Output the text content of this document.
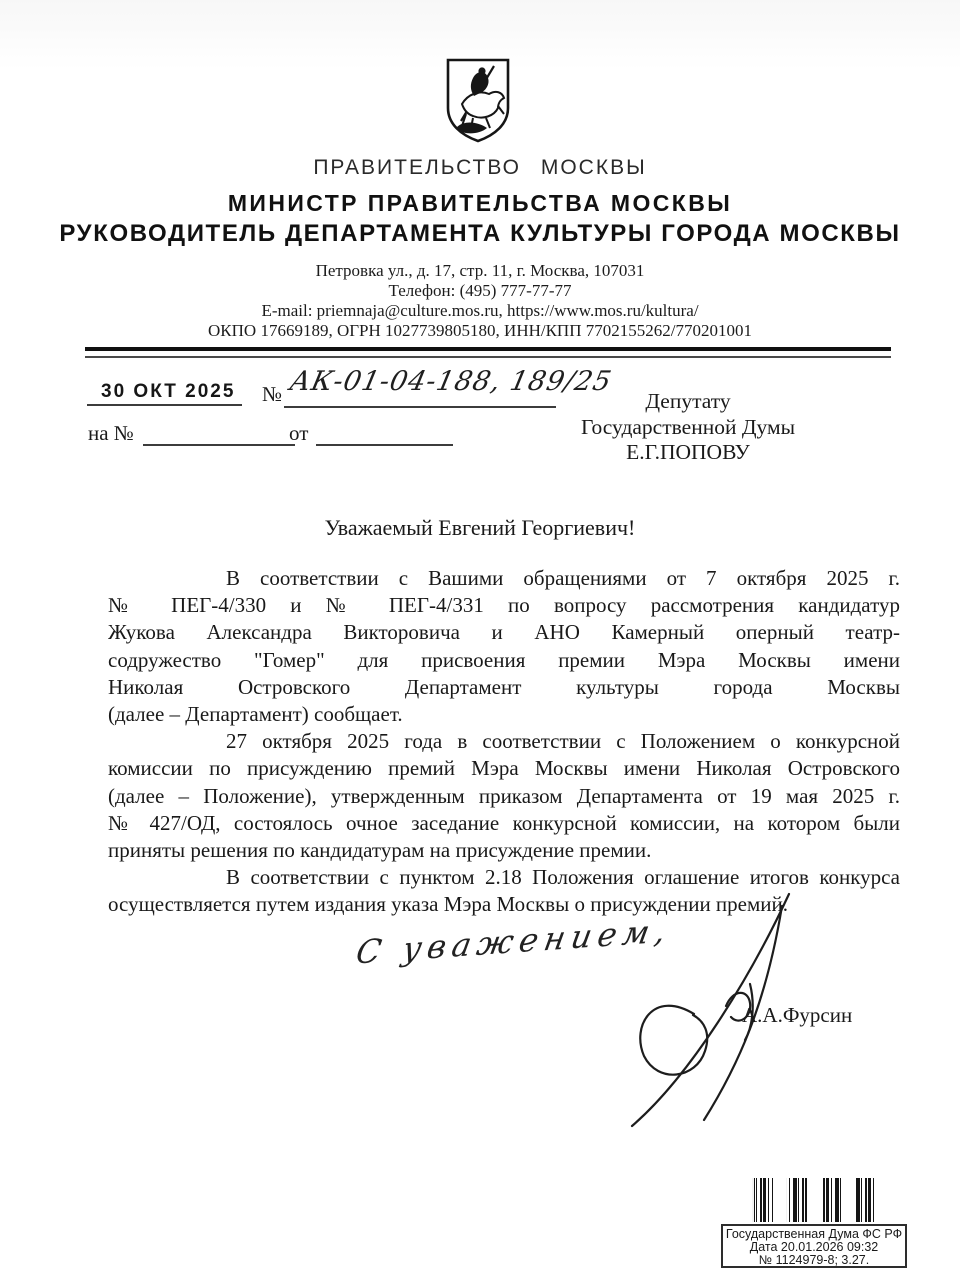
ПРАВИТЕЛЬСТВО МОСКВЫ
МИНИСТР ПРАВИТЕЛЬСТВА МОСКВЫ
РУКОВОДИТЕЛЬ ДЕПАРТАМЕНТА КУЛЬТУРЫ ГОРОДА МОСКВЫ
Петровка ул., д. 17, стр. 11, г. Москва, 107031
Телефон: (495) 777-77-77
E-mail: priemnaja@culture.mos.ru, https://www.mos.ru/kultura/
ОКПО 17669189, ОГРН 1027739805180, ИНН/КПП 7702155262/770201001
30 ОКТ 2025 № АК-01-04-188, 189/25
на №	от
Депутату
Государственной Думы
Е.Г.ПОПОВУ
Уважаемый Евгений Георгиевич!
В соответствии с Вашими обращениями от 7 октября 2025 г.
№ ПЕГ-4/330 и № ПЕГ-4/331 по вопросу рассмотрения кандидатур
Жукова Александра Викторовича и АНО Камерный оперный театр-
содружество "Гомер" для присвоения премии Мэра Москвы имени
Николая Островского Департамент культуры города Москвы
(далее – Департамент) сообщает.
27 октября 2025 года в соответствии с Положением о конкурсной
комиссии по присуждению премий Мэра Москвы имени Николая Островского
(далее – Положение), утвержденным приказом Департамента от 19 мая 2025 г.
№ 427/ОД, состоялось очное заседание конкурсной комиссии, на котором были
приняты решения по кандидатурам на присуждение премии.
В соответствии с пунктом 2.18 Положения оглашение итогов конкурса
осуществляется путем издания указа Мэра Москвы о присуждении премий.
С уважением,
А.А.Фурсин
Государственная Дума ФС РФ
Дата 20.01.2026 09:32
№ 1124979-8; 3.27.
